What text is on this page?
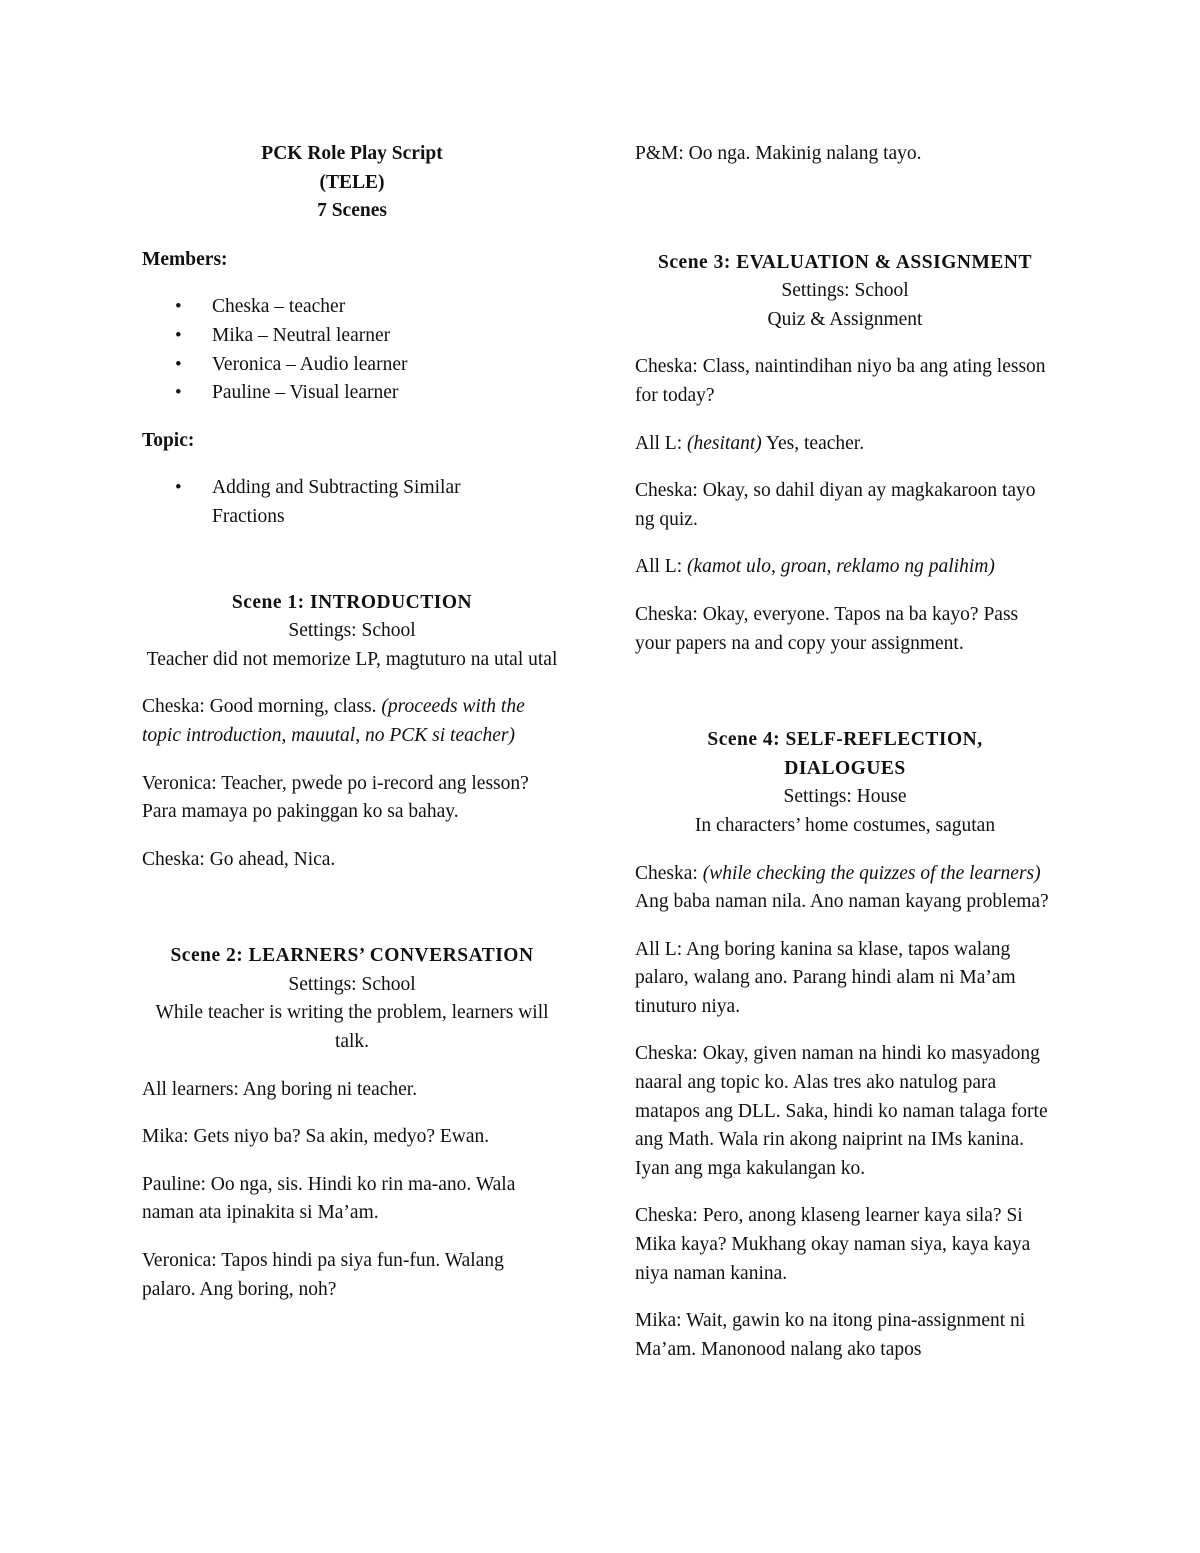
PCK Role Play Script

(TELE)

7 Scenes

Members:

• Cheska – teacher
• Mika – Neutral learner
• Veronica – Audio learner
• Pauline – Visual learner

Topic:

• Adding and Subtracting Similar Fractions

Scene 1: INTRODUCTION

Settings: School

Teacher did not memorize LP, magtuturo na utal utal

Cheska: Good morning, class. (proceeds with the topic introduction, mauutal, no PCK si teacher)

Veronica: Teacher, pwede po i-record ang lesson? Para mamaya po pakinggan ko sa bahay.

Cheska: Go ahead, Nica.

Scene 2: LEARNERS’ CONVERSATION

Settings: School

While teacher is writing the problem, learners will talk.

All learners: Ang boring ni teacher.

Mika: Gets niyo ba? Sa akin, medyo? Ewan.

Pauline: Oo nga, sis. Hindi ko rin ma-ano. Wala naman ata ipinakita si Ma’am.

Veronica: Tapos hindi pa siya fun-fun. Walang palaro. Ang boring, noh?

P&M: Oo nga. Makinig nalang tayo.

Scene 3: EVALUATION & ASSIGNMENT

Settings: School

Quiz & Assignment

Cheska: Class, naintindihan niyo ba ang ating lesson for today?

All L: (hesitant) Yes, teacher.

Cheska: Okay, so dahil diyan ay magkakaroon tayo ng quiz.

All L: (kamot ulo, groan, reklamo ng palihim)

Cheska: Okay, everyone. Tapos na ba kayo? Pass your papers na and copy your assignment.

Scene 4: SELF-REFLECTION, DIALOGUES

Settings: House

In characters’ home costumes, sagutan

Cheska: (while checking the quizzes of the learners) Ang baba naman nila. Ano naman kayang problema?

All L: Ang boring kanina sa klase, tapos walang palaro, walang ano. Parang hindi alam ni Ma’am tinuturo niya.

Cheska: Okay, given naman na hindi ko masyadong naaral ang topic ko. Alas tres ako natulog para matapos ang DLL. Saka, hindi ko naman talaga forte ang Math. Wala rin akong naiprint na IMs kanina. Iyan ang mga kakulangan ko.

Cheska: Pero, anong klaseng learner kaya sila? Si Mika kaya? Mukhang okay naman siya, kaya kaya niya naman kanina.

Mika: Wait, gawin ko na itong pina-assignment ni Ma’am. Manonood nalang ako tapos
